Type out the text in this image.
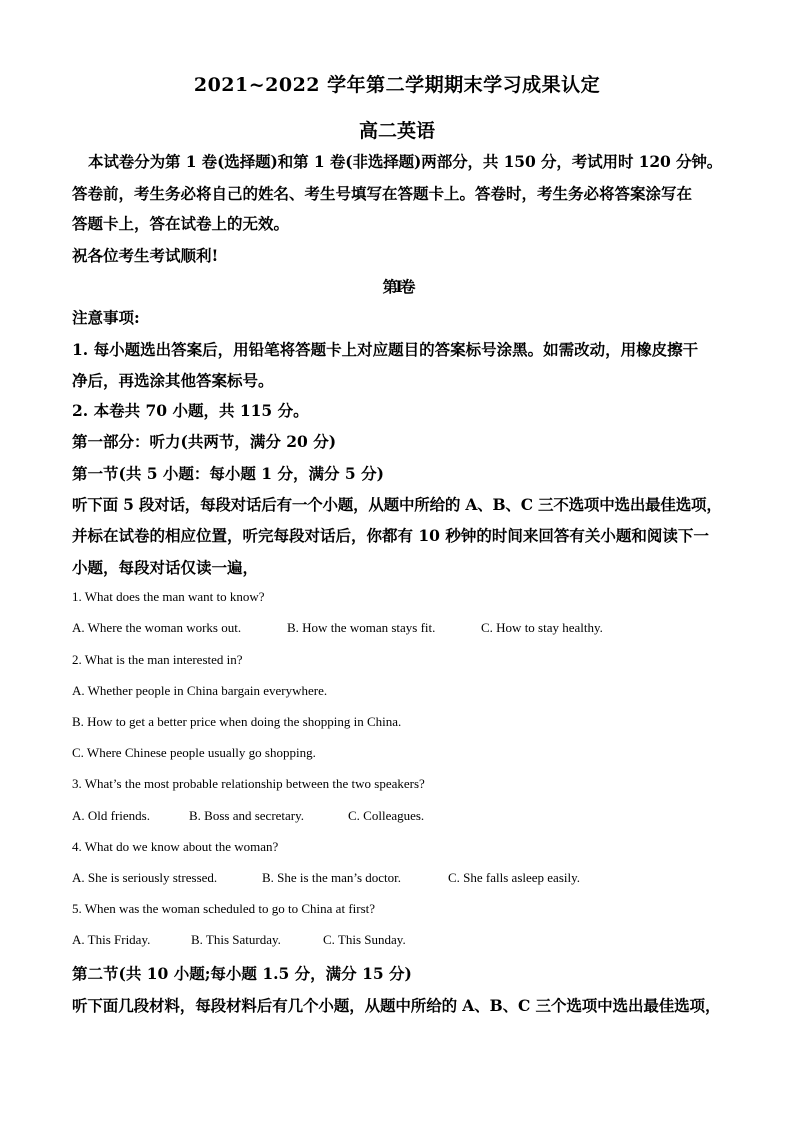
2021~2022 学年第二学期期末学习成果认定
高二英语
本试卷分为第 1 卷(选择题)和第 1 卷(非选择题)两部分，共 150 分，考试用时 120 分钟。
答卷前，考生务必将自己的姓名、考生号填写在答题卡上。答卷时，考生务必将答案涂写在
答题卡上，答在试卷上的无效。
祝各位考生考试顺利!
第 I 卷
注意事项:
1. 每小题选出答案后，用铅笔将答题卡上对应题目的答案标号涂黑。如需改动，用橡皮擦干
净后，再选涂其他答案标号。
2. 本卷共 70 小题，共 115 分。
第一部分：听力(共两节，满分 20 分)
第一节(共 5 小题：每小题 1 分，满分 5 分)
听下面 5 段对话，每段对话后有一个小题，从题中所给的 A、B、C 三不选项中选出最佳选项，
并标在试卷的相应位置，听完每段对话后，你都有 10 秒钟的时间来回答有关小题和阅读下一
小题，每段对话仅读一遍，
1. What does the man want to know?
A. Where the woman works out.	B. How the woman stays fit.	C. How to stay healthy.
2. What is the man interested in?
A. Whether people in China bargain everywhere.
B. How to get a better price when doing the shopping in China.
C. Where Chinese people usually go shopping.
3. What’s the most probable relationship between the two speakers?
A. Old friends.	B. Boss and secretary.	C. Colleagues.
4. What do we know about the woman?
A. She is seriously stressed.	B. She is the man’s doctor.	C. She falls asleep easily.
5. When was the woman scheduled to go to China at first?
A. This Friday.	B. This Saturday.	C. This Sunday.
第二节(共 10 小题;每小题 1.5 分，满分 15 分)
听下面几段材料，每段材料后有几个小题，从题中所给的 A、B、C 三个选项中选出最佳选项，
